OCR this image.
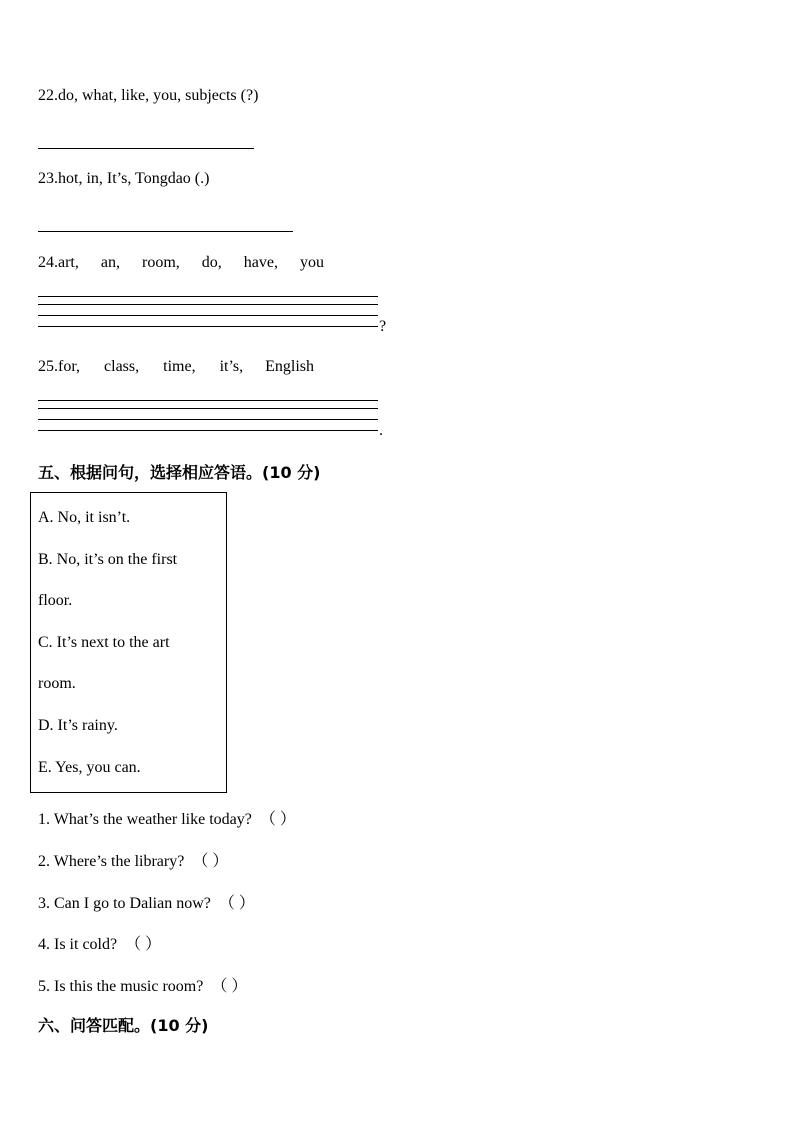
22.do, what, like, you, subjects (?)
23.hot, in, It’s, Tongdao (.)
24.art, an, room, do, have, you
?
25.for, class, time, it’s, English
.
五、根据问句，选择相应答语。(10 分)
A. No, it isn’t.
B. No, it’s on the first
floor.
C. It’s next to the art
room.
D. It’s rainy.
E. Yes, you can.
1. What’s the weather like today? （ ）
2. Where’s the library? （ ）
3. Can I go to Dalian now? （ ）
4. Is it cold? （ ）
5. Is this the music room? （ ）
六、问答匹配。(10 分)
